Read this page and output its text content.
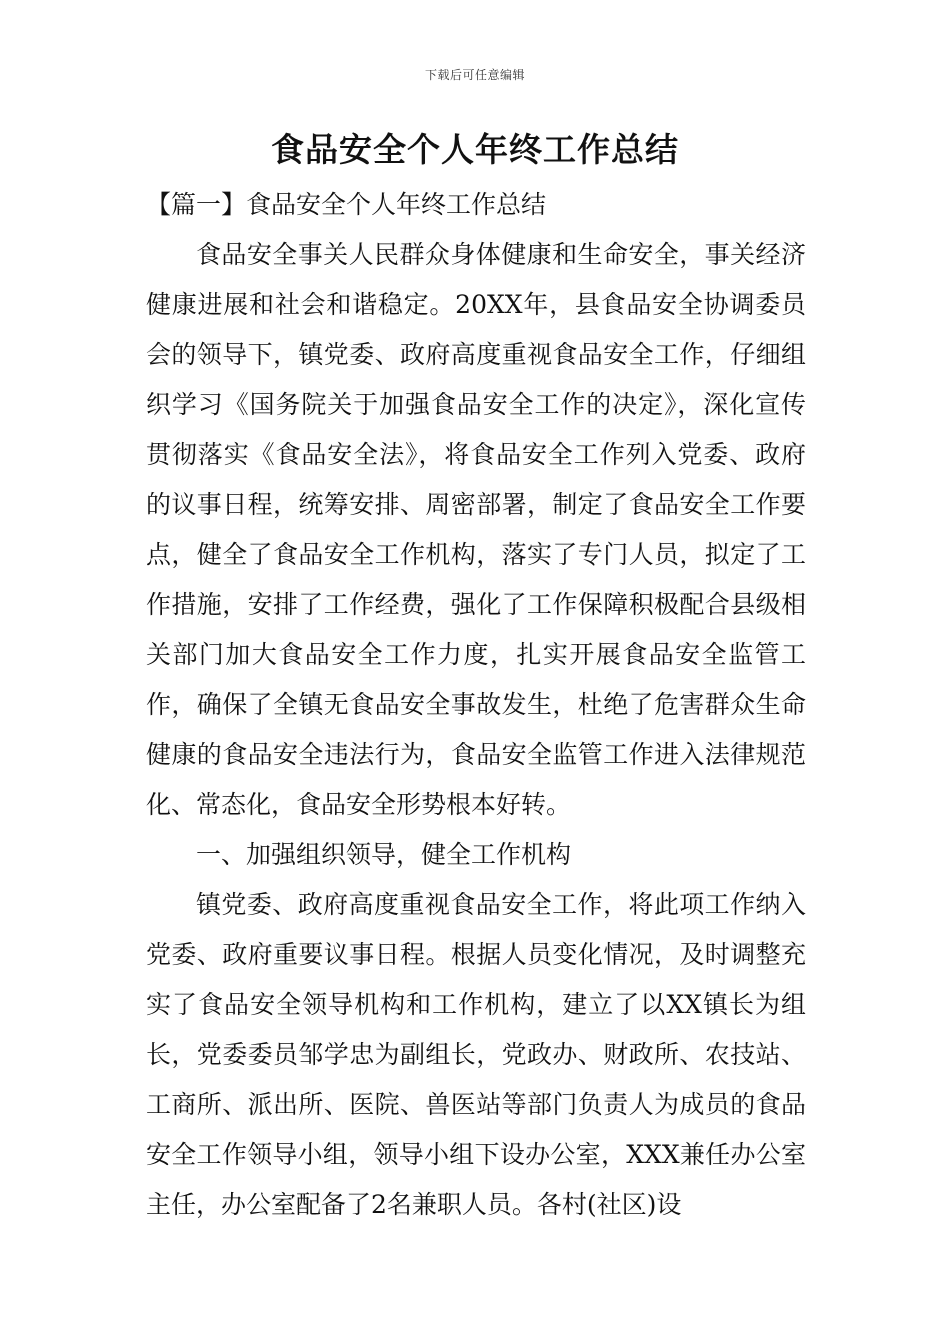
下载后可任意编辑
食品安全个人年终工作总结

【篇一】食品安全个人年终工作总结

食品安全事关人民群众身体健康和生命安全，事关经济健康进展和社会和谐稳定。20XX年，县食品安全协调委员会的领导下，镇党委、政府高度重视食品安全工作，仔细组织学习《国务院关于加强食品安全工作的决定》，深化宣传贯彻落实《食品安全法》，将食品安全工作列入党委、政府的议事日程，统筹安排、周密部署，制定了食品安全工作要点，健全了食品安全工作机构，落实了专门人员，拟定了工作措施，安排了工作经费，强化了工作保障积极配合县级相关部门加大食品安全工作力度，扎实开展食品安全监管工作，确保了全镇无食品安全事故发生，杜绝了危害群众生命健康的食品安全违法行为，食品安全监管工作进入法律规范化、常态化，食品安全形势根本好转。

一、加强组织领导，健全工作机构

镇党委、政府高度重视食品安全工作，将此项工作纳入党委、政府重要议事日程。根据人员变化情况，及时调整充实了食品安全领导机构和工作机构，建立了以XX镇长为组长，党委委员邹学忠为副组长，党政办、财政所、农技站、工商所、派出所、医院、兽医站等部门负责人为成员的食品安全工作领导小组，领导小组下设办公室，XXX兼任办公室主任，办公室配备了2名兼职人员。各村(社区)设
